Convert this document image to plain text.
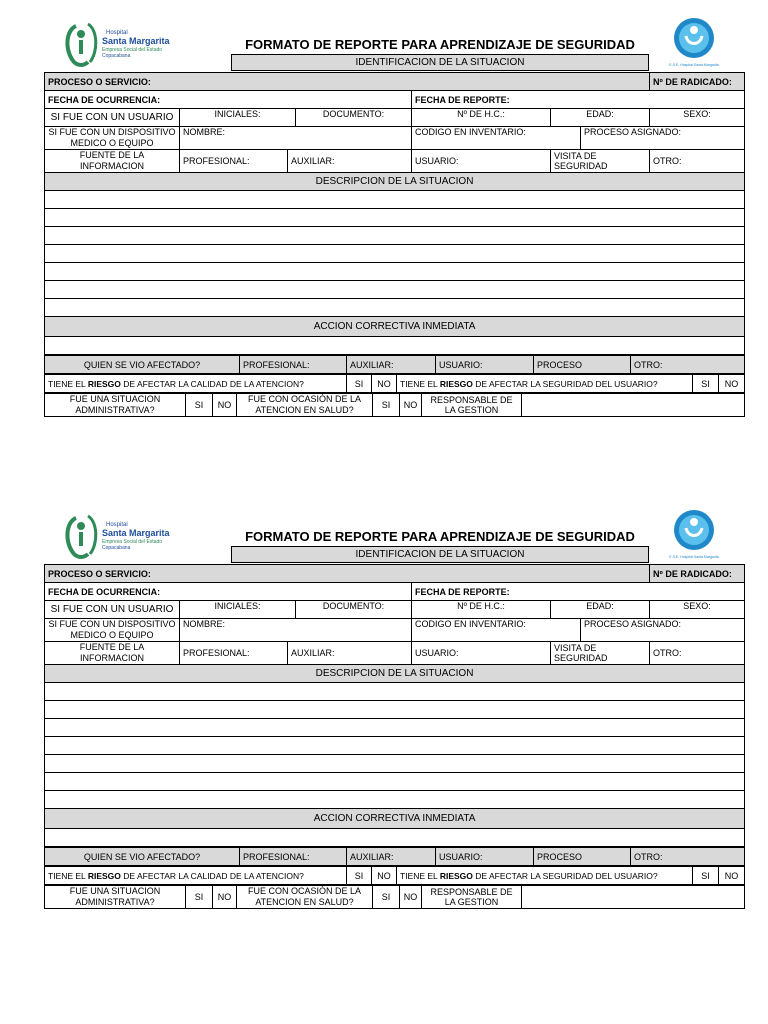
Hospital
Santa Margarita
Empresa Social del Estado
Copacabana
FORMATO DE REPORTE PARA APRENDIZAJE DE SEGURIDAD
IDENTIFICACION DE LA SITUACION	E.S.E. Hospital Santa Margarita
PROCESO O SERVICIO:							Nº DE RADICADO:
FECHA DE OCURRENCIA:				FECHA DE REPORTE:			
SI FUE CON UN USUARIO	INICIALES:		DOCUMENTO:	Nº DE H.C.:	EDAD:		SEXO:
SI FUE CON UN DISPOSITIVO MEDICO O EQUIPO	NOMBRE:			CODIGO EN INVENTARIO:		PROCESO ASIGNADO:	
FUENTE DE LA INFORMACION	PROFESIONAL:	AUXILIAR:		USUARIO:	VISITA DE SEGURIDAD		OTRO:
DESCRIPCION DE LA SITUACION							

ACCION CORRECTIVA INMEDIATA							

QUIEN SE VIO AFECTADO?	PROFESIONAL:	AUXILIAR:	USUARIO:	PROCESO	OTRO:
TIENE EL RIESGO DE AFECTAR LA CALIDAD DE LA ATENCION?	SI	NO	TIENE EL RIESGO DE AFECTAR LA SEGURIDAD DEL USUARIO?	SI	NO
FUE UNA SITUACION ADMINISTRATIVA?	SI	NO	FUE CON OCASIÓN DE LA ATENCION EN SALUD?	SI	NO	RESPONSABLE DE LA GESTION	
Hospital
Santa Margarita
Empresa Social del Estado
Copacabana
FORMATO DE REPORTE PARA APRENDIZAJE DE SEGURIDAD
IDENTIFICACION DE LA SITUACION	E.S.E. Hospital Santa Margarita
PROCESO O SERVICIO:							Nº DE RADICADO:
FECHA DE OCURRENCIA:				FECHA DE REPORTE:			
SI FUE CON UN USUARIO	INICIALES:		DOCUMENTO:	Nº DE H.C.:	EDAD:		SEXO:
SI FUE CON UN DISPOSITIVO MEDICO O EQUIPO	NOMBRE:			CODIGO EN INVENTARIO:		PROCESO ASIGNADO:	
FUENTE DE LA INFORMACION	PROFESIONAL:	AUXILIAR:		USUARIO:	VISITA DE SEGURIDAD		OTRO:
DESCRIPCION DE LA SITUACION							

ACCION CORRECTIVA INMEDIATA							

QUIEN SE VIO AFECTADO?	PROFESIONAL:	AUXILIAR:	USUARIO:	PROCESO	OTRO:
TIENE EL RIESGO DE AFECTAR LA CALIDAD DE LA ATENCION?	SI	NO	TIENE EL RIESGO DE AFECTAR LA SEGURIDAD DEL USUARIO?	SI	NO
FUE UNA SITUACION ADMINISTRATIVA?	SI	NO	FUE CON OCASIÓN DE LA ATENCION EN SALUD?	SI	NO	RESPONSABLE DE LA GESTION	
